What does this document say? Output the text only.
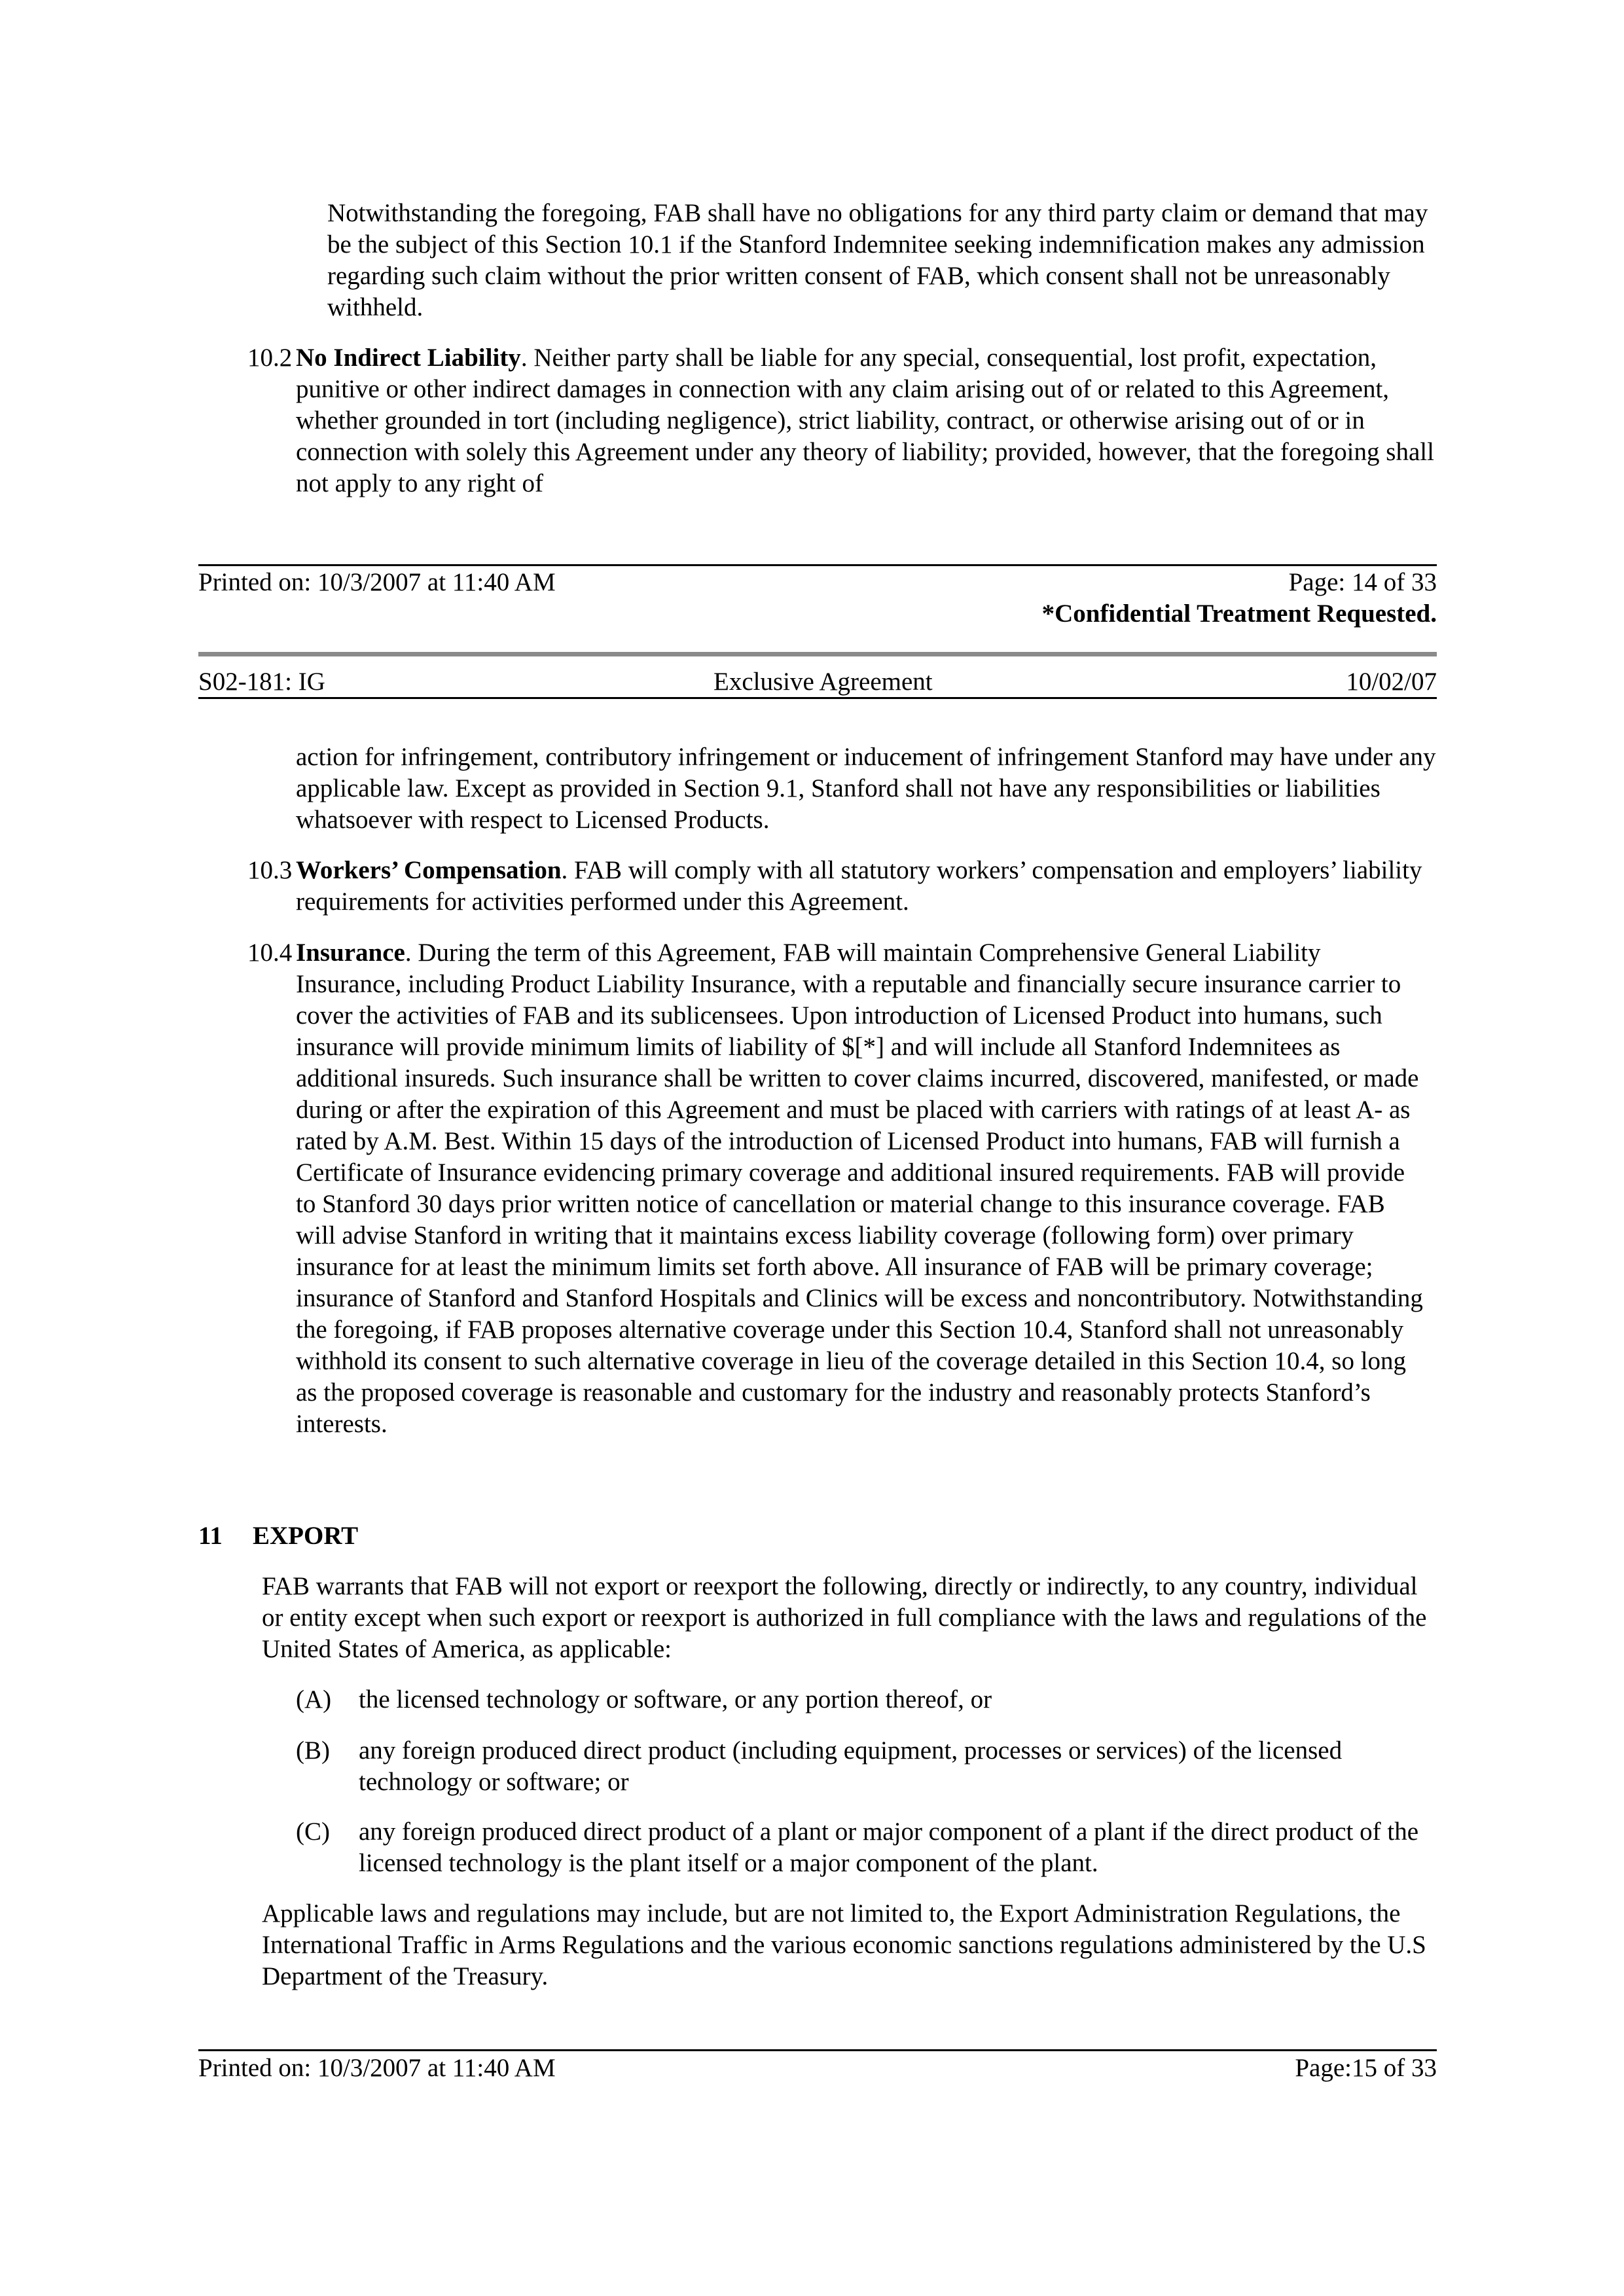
Notwithstanding the foregoing, FAB shall have no obligations for any third party claim or demand that may be the subject of this Section 10.1 if the Stanford Indemnitee seeking indemnification makes any admission regarding such claim without the prior written consent of FAB, which consent shall not be unreasonably withheld.

10.2 No Indirect Liability. Neither party shall be liable for any special, consequential, lost profit, expectation, punitive or other indirect damages in connection with any claim arising out of or related to this Agreement, whether grounded in tort (including negligence), strict liability, contract, or otherwise arising out of or in connection with solely this Agreement under any theory of liability; provided, however, that the foregoing shall not apply to any right of

Printed on: 10/3/2007 at 11:40 AM	Page: 14 of 33
*Confidential Treatment Requested.
S02-181: IG	Exclusive Agreement	10/02/07

action for infringement, contributory infringement or inducement of infringement Stanford may have under any applicable law. Except as provided in Section 9.1, Stanford shall not have any responsibilities or liabilities whatsoever with respect to Licensed Products.

10.3 Workers’ Compensation. FAB will comply with all statutory workers’ compensation and employers’ liability requirements for activities performed under this Agreement.

10.4 Insurance. During the term of this Agreement, FAB will maintain Comprehensive General Liability Insurance, including Product Liability Insurance, with a reputable and financially secure insurance carrier to cover the activities of FAB and its sublicensees. Upon introduction of Licensed Product into humans, such insurance will provide minimum limits of liability of $[*] and will include all Stanford Indemnitees as additional insureds. Such insurance shall be written to cover claims incurred, discovered, manifested, or made during or after the expiration of this Agreement and must be placed with carriers with ratings of at least A- as rated by A.M. Best. Within 15 days of the introduction of Licensed Product into humans, FAB will furnish a Certificate of Insurance evidencing primary coverage and additional insured requirements. FAB will provide to Stanford 30 days prior written notice of cancellation or material change to this insurance coverage. FAB will advise Stanford in writing that it maintains excess liability coverage (following form) over primary insurance for at least the minimum limits set forth above. All insurance of FAB will be primary coverage; insurance of Stanford and Stanford Hospitals and Clinics will be excess and noncontributory. Notwithstanding the foregoing, if FAB proposes alternative coverage under this Section 10.4, Stanford shall not unreasonably withhold its consent to such alternative coverage in lieu of the coverage detailed in this Section 10.4, so long as the proposed coverage is reasonable and customary for the industry and reasonably protects Stanford’s interests.

11 EXPORT

FAB warrants that FAB will not export or reexport the following, directly or indirectly, to any country, individual or entity except when such export or reexport is authorized in full compliance with the laws and regulations of the United States of America, as applicable:

(A) the licensed technology or software, or any portion thereof, or

(B) any foreign produced direct product (including equipment, processes or services) of the licensed technology or software; or

(C) any foreign produced direct product of a plant or major component of a plant if the direct product of the licensed technology is the plant itself or a major component of the plant.

Applicable laws and regulations may include, but are not limited to, the Export Administration Regulations, the International Traffic in Arms Regulations and the various economic sanctions regulations administered by the U.S Department of the Treasury.

Printed on: 10/3/2007 at 11:40 AM	Page:15 of 33
